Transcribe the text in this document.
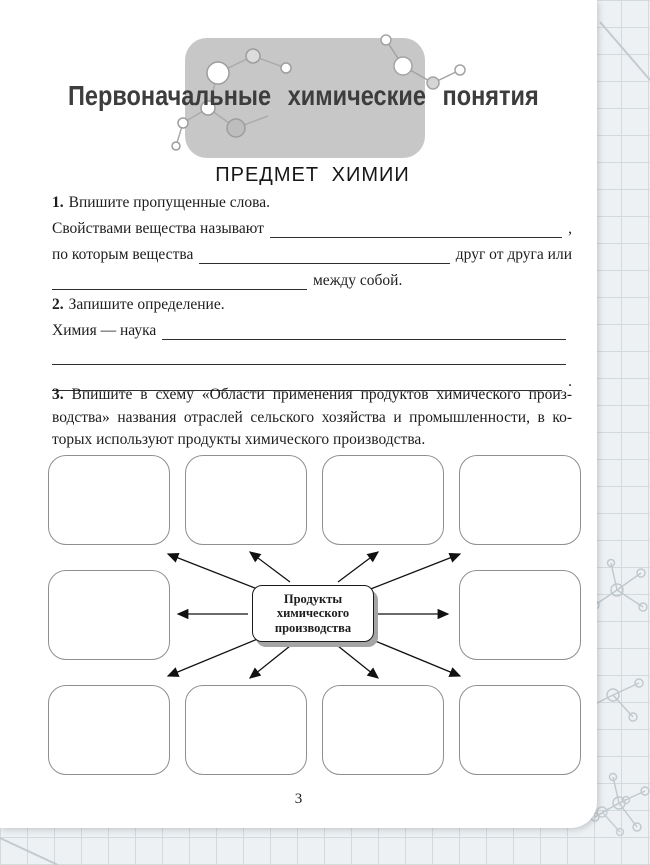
Первоначальные химические понятия
ПРЕДМЕТ ХИМИИ

1. Впишите пропущенные слова.

Свойствами вещества называют	,
по которым вещества	друг от друга или
между собой.

2. Запишите определение.

Химия — наука
.
3. Впишите в схему «Области применения продуктов химического произ-
водства» названия отраслей сельского хозяйства и промышленности, в ко-
торых используют продукты химического производства.
Продукты
химического
производства
3
